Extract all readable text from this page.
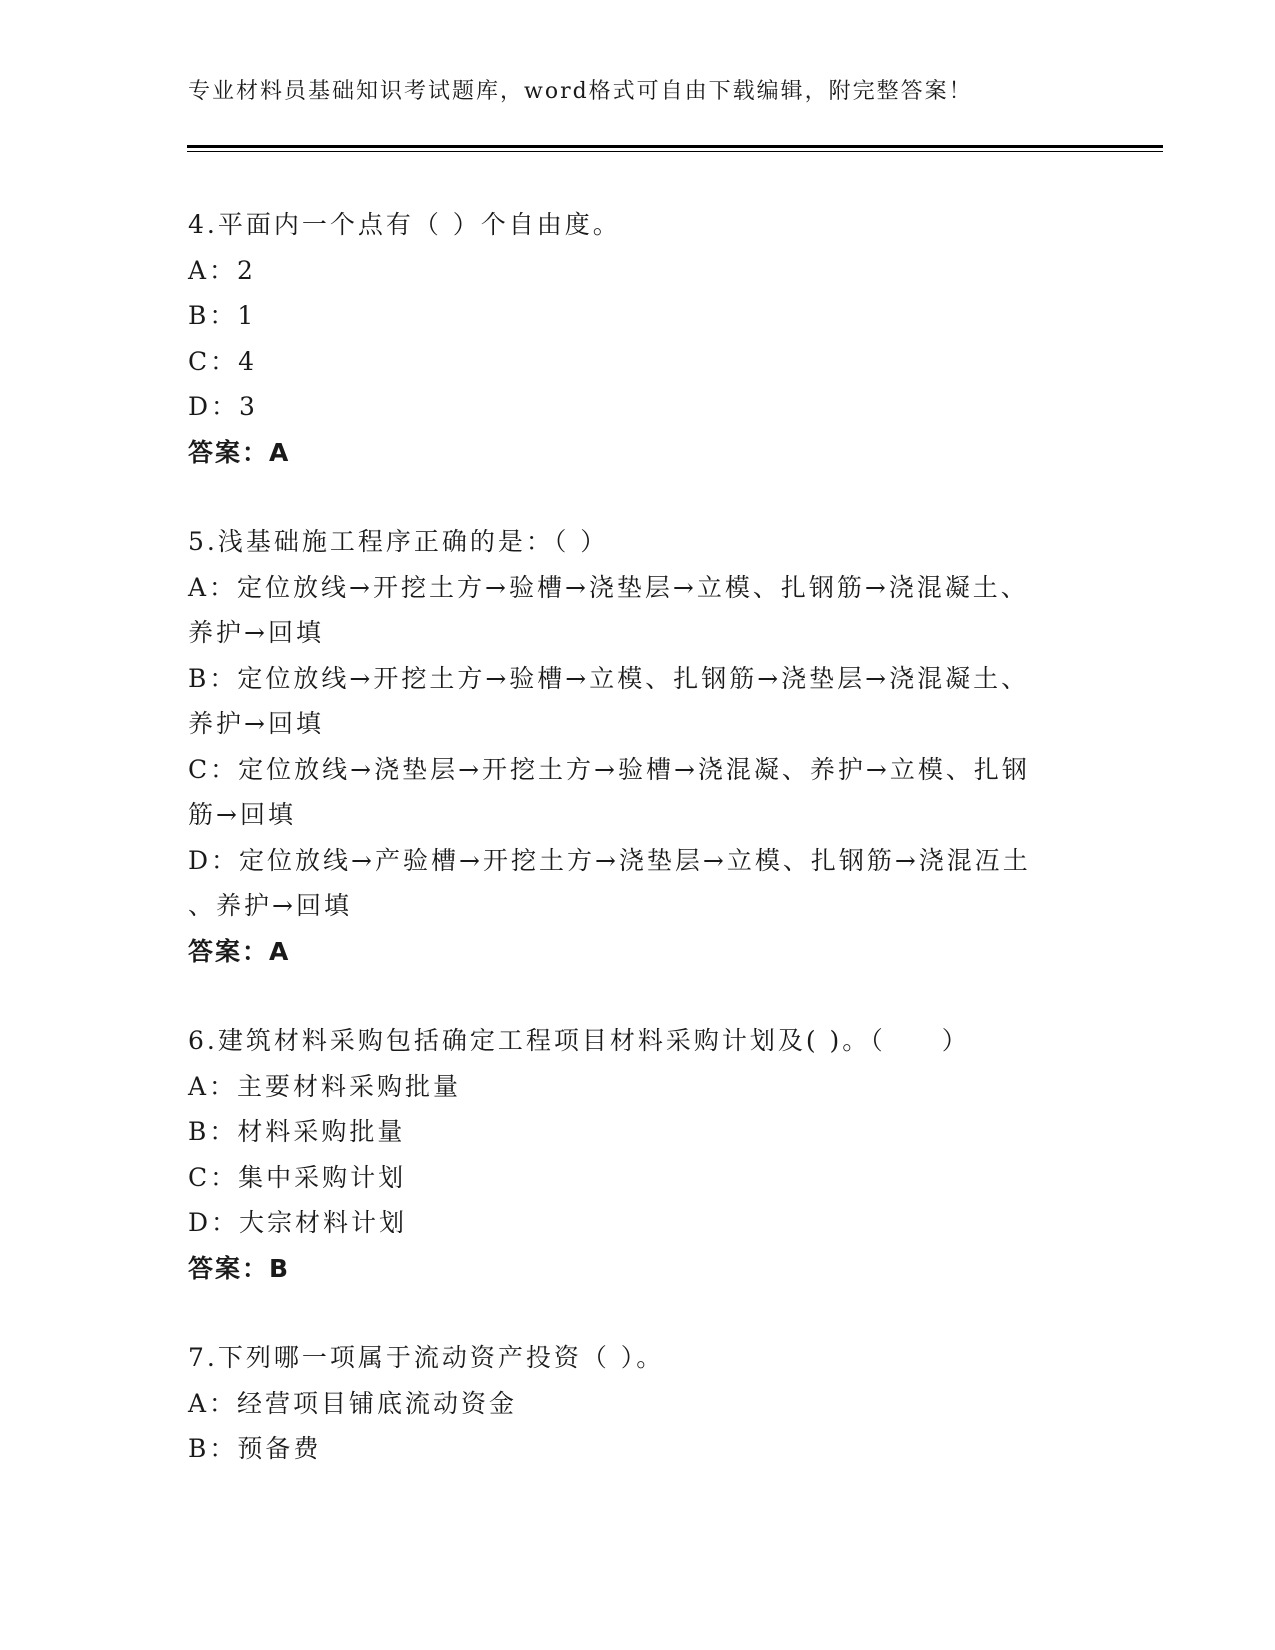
专业材料员基础知识考试题库，word格式可自由下载编辑，附完整答案！
4.平面内一个点有（ ）个自由度。
A：2
B：1
C：4
D：3
答案：A
5.浅基础施工程序正确的是：（ ）
A：定位放线→开挖土方→验槽→浇垫层→立模、扎钢筋→浇混凝土、
养护→回填
B：定位放线→开挖土方→验槽→立模、扎钢筋→浇垫层→浇混凝土、
养护→回填
C：定位放线→浇垫层→开挖土方→验槽→浇混凝、养护→立模、扎钢
筋→回填
D：定位放线→产验槽→开挖土方→浇垫层→立模、扎钢筋→浇混冱土
、养护→回填
答案：A
6.建筑材料采购包括确定工程项目材料采购计划及( )。（　　）
A：主要材料采购批量
B：材料采购批量
C：集中采购计划
D：大宗材料计划
答案：B
7.下列哪一项属于流动资产投资（ ）。
A：经营项目铺底流动资金
B：预备费
